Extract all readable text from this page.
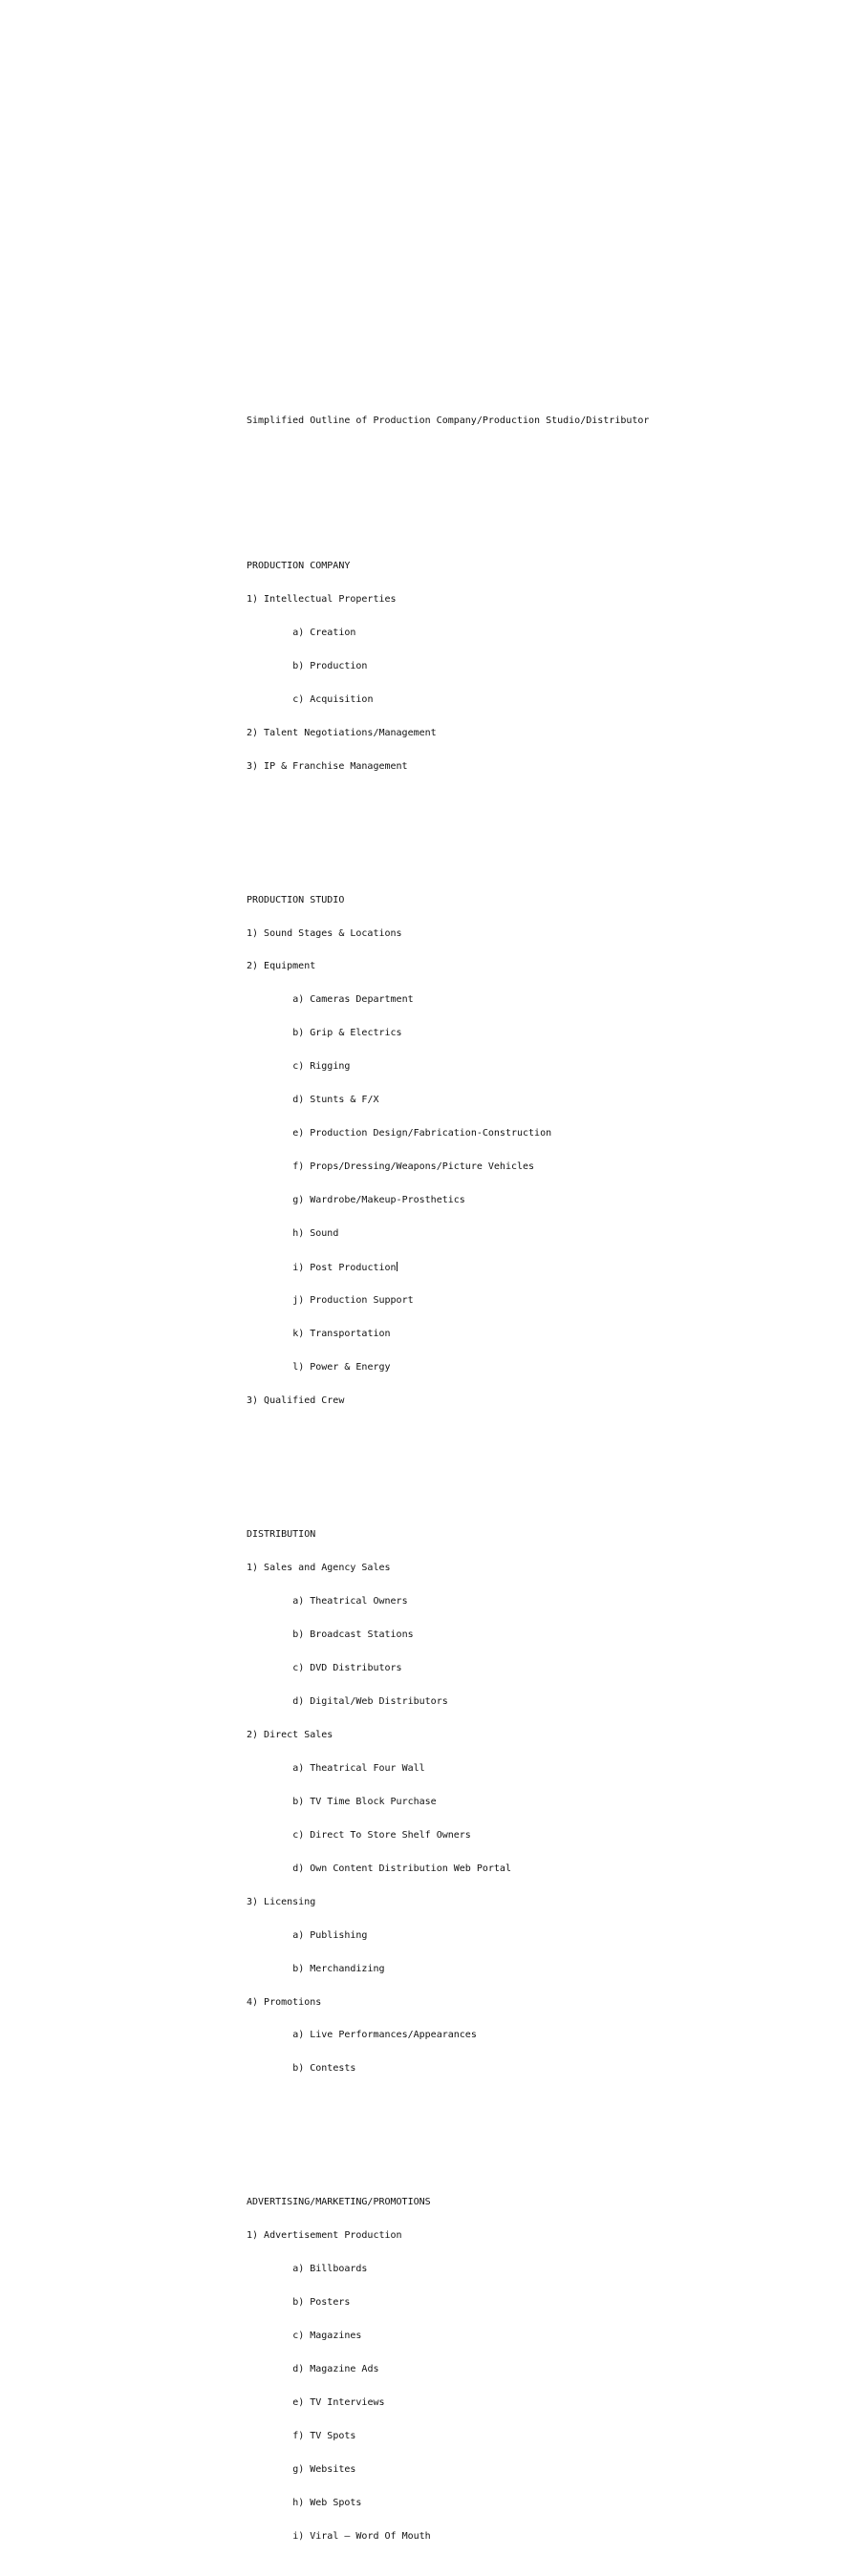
Simplified Outline of Production Company/Production Studio/Distributor

PRODUCTION COMPANY

1) Intellectual Properties

a) Creation

b) Production

c) Acquisition

2) Talent Negotiations/Management

3) IP & Franchise Management

PRODUCTION STUDIO

1) Sound Stages & Locations

2) Equipment

a) Cameras Department

b) Grip & Electrics

c) Rigging

d) Stunts & F/X

e) Production Design/Fabrication-Construction

f) Props/Dressing/Weapons/Picture Vehicles

g) Wardrobe/Makeup-Prosthetics

h) Sound

i) Post Production

j) Production Support

k) Transportation

l) Power & Energy

3) Qualified Crew

DISTRIBUTION

1) Sales and Agency Sales

a) Theatrical Owners

b) Broadcast Stations

c) DVD Distributors

d) Digital/Web Distributors

2) Direct Sales

a) Theatrical Four Wall

b) TV Time Block Purchase

c) Direct To Store Shelf Owners

d) Own Content Distribution Web Portal

3) Licensing

a) Publishing

b) Merchandizing

4) Promotions

a) Live Performances/Appearances

b) Contests

ADVERTISING/MARKETING/PROMOTIONS

1) Advertisement Production

a) Billboards

b) Posters

c) Magazines

d) Magazine Ads

e) TV Interviews

f) TV Spots

g) Websites

h) Web Spots

i) Viral – Word Of Mouth
